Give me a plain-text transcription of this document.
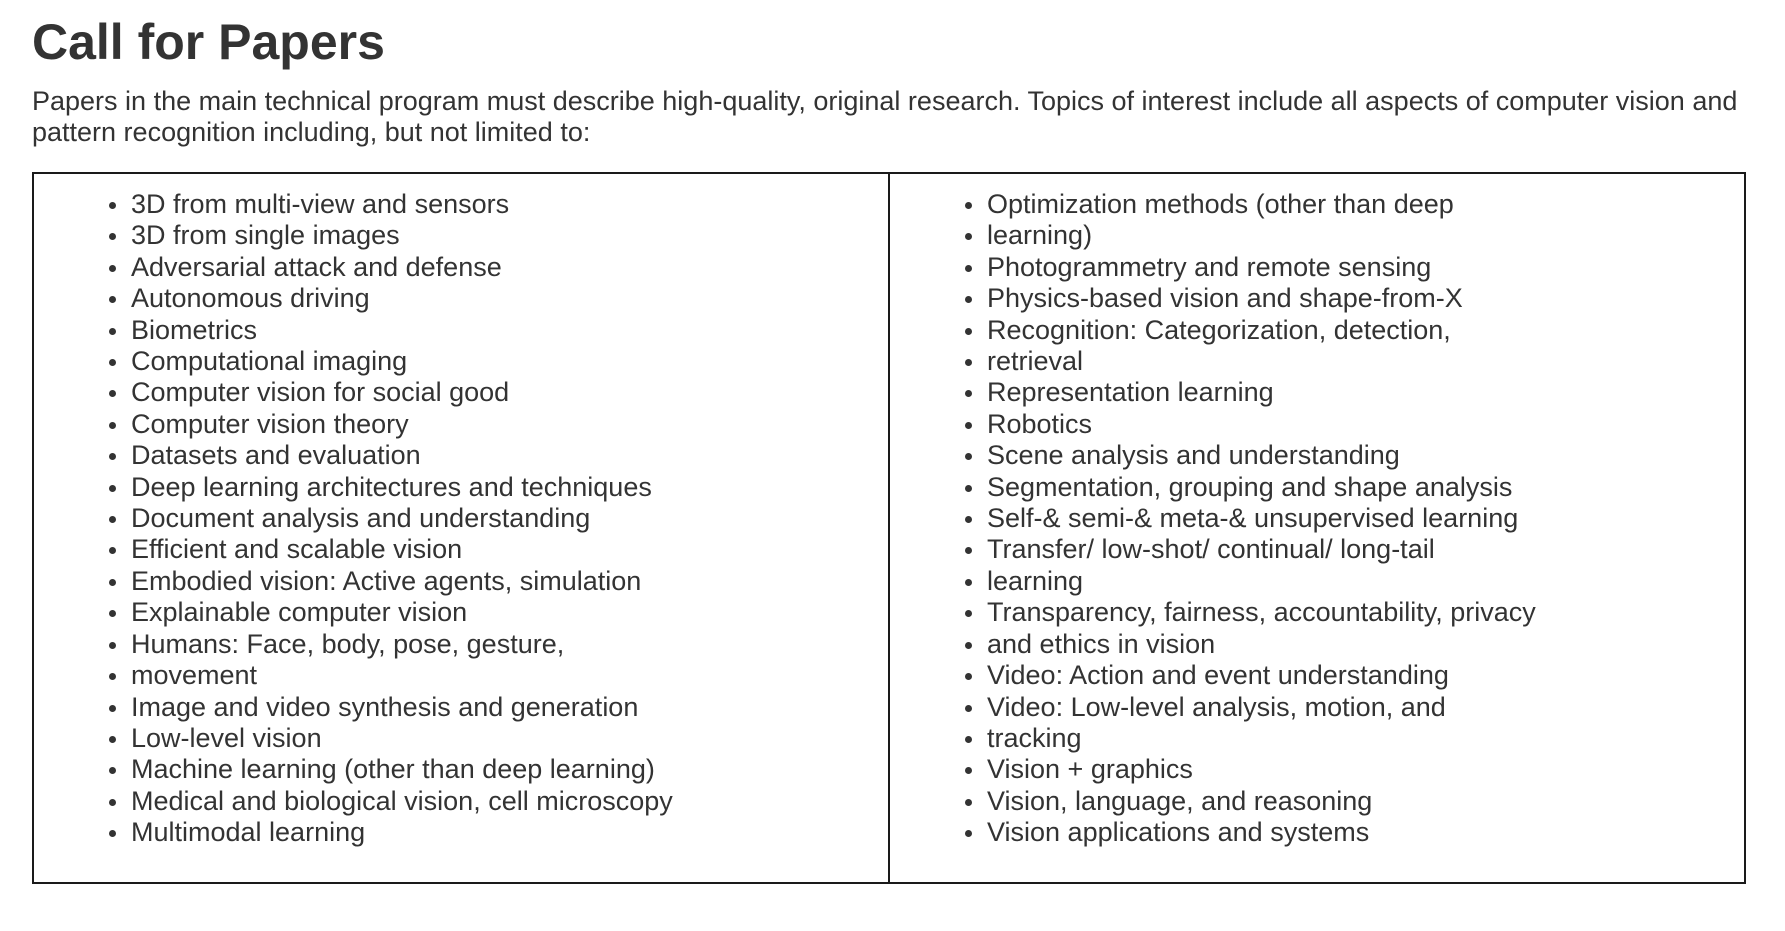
Call for Papers

Papers in the main technical program must describe high-quality, original research. Topics of interest include all aspects of computer vision and pattern recognition including, but not limited to:

3D from multi-view and sensors
3D from single images
Adversarial attack and defense
Autonomous driving
Biometrics
Computational imaging
Computer vision for social good
Computer vision theory
Datasets and evaluation
Deep learning architectures and techniques
Document analysis and understanding
Efficient and scalable vision
Embodied vision: Active agents, simulation
Explainable computer vision
Humans: Face, body, pose, gesture,
movement
Image and video synthesis and generation
Low-level vision
Machine learning (other than deep learning)
Medical and biological vision, cell microscopy
Multimodal learning

Optimization methods (other than deep
learning)
Photogrammetry and remote sensing
Physics-based vision and shape-from-X
Recognition: Categorization, detection,
retrieval
Representation learning
Robotics
Scene analysis and understanding
Segmentation, grouping and shape analysis
Self-& semi-& meta-& unsupervised learning
Transfer/ low-shot/ continual/ long-tail
learning
Transparency, fairness, accountability, privacy
and ethics in vision
Video: Action and event understanding
Video: Low-level analysis, motion, and
tracking
Vision + graphics
Vision, language, and reasoning
Vision applications and systems
